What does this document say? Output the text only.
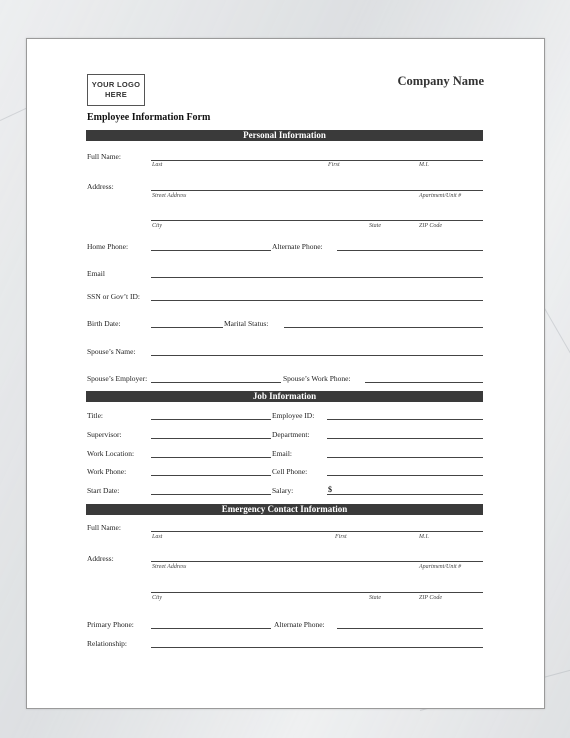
YOUR LOGO
HERE
Company Name
Employee Information Form
Personal Information
Full Name:
Last	First	M.I.
Address:
Street Address	Apartment/Unit #
City	State	ZIP Code
Home Phone:	Alternate Phone:
Email
SSN or Gov’t ID:
Birth Date:	Marital Status:
Spouse’s Name:
Spouse’s Employer:	Spouse’s Work Phone:
Job Information
Title:	Employee ID:
Supervisor:	Department:
Work Location:	Email:
Work Phone:	Cell Phone:
Start Date:	Salary:	$
Emergency Contact Information
Full Name:
Last	First	M.I.
Address:
Street Address	Apartment/Unit #
City	State	ZIP Code
Primary Phone:	Alternate Phone:
Relationship:
